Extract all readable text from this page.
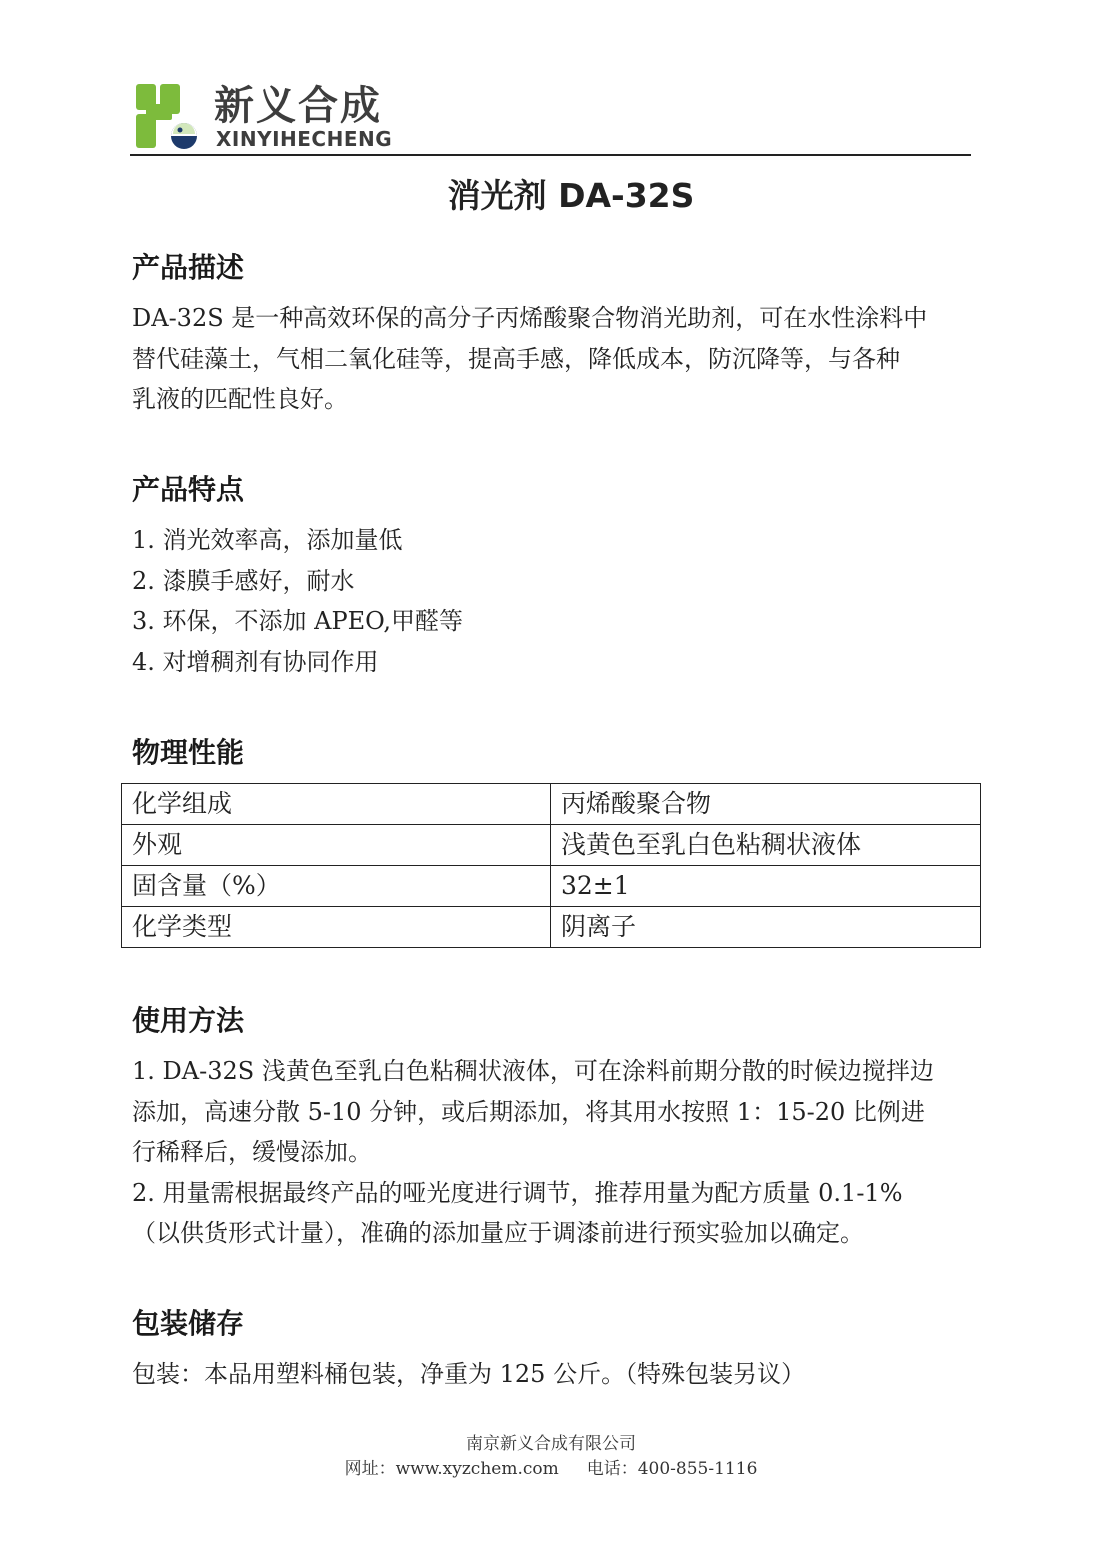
新义合成
XINYIHECHENG
消光剂 DA-32S
产品描述

DA-32S 是一种高效环保的高分子丙烯酸聚合物消光助剂，可在水性涂料中

替代硅藻土，气相二氧化硅等，提高手感，降低成本，防沉降等，与各种

乳液的匹配性良好。

产品特点
1. 消光效率高，添加量低
2. 漆膜手感好，耐水
3. 环保，不添加 APEO,甲醛等
4. 对增稠剂有协同作用
物理性能
化学组成	丙烯酸聚合物
外观	浅黄色至乳白色粘稠状液体
固含量（%）	32±1
化学类型	阴离子
使用方法

1. DA-32S 浅黄色至乳白色粘稠状液体，可在涂料前期分散的时候边搅拌边

添加，高速分散 5-10 分钟，或后期添加，将其用水按照 1：15-20 比例进

行稀释后，缓慢添加。

2. 用量需根据最终产品的哑光度进行调节，推荐用量为配方质量 0.1-1%

（以供货形式计量），准确的添加量应于调漆前进行预实验加以确定。

包装储存
包装：本品用塑料桶包装，净重为 125 公斤。（特殊包装另议）
南京新义合成有限公司
网址：www.xyzchem.com 电话：400-855-1116
